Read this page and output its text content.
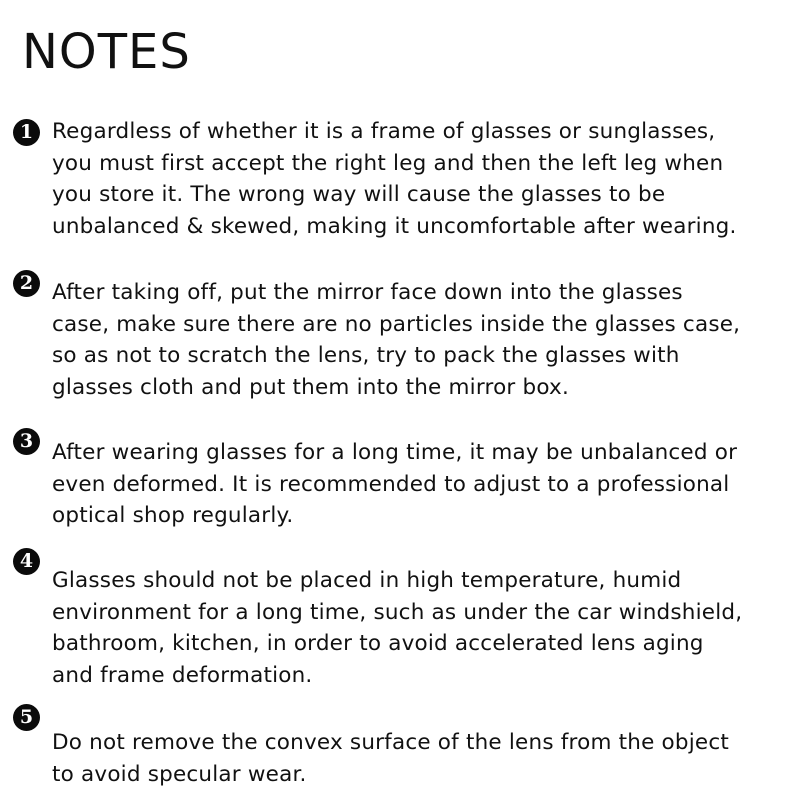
NOTES
1 Regardless of whether it is a frame of glasses or sunglasses,
you must first accept the right leg and then the left leg when
you store it. The wrong way will cause the glasses to be
unbalanced & skewed, making it uncomfortable after wearing.

2 After taking off, put the mirror face down into the glasses
case, make sure there are no particles inside the glasses case,
so as not to scratch the lens, try to pack the glasses with
glasses cloth and put them into the mirror box.

3 After wearing glasses for a long time, it may be unbalanced or
even deformed. It is recommended to adjust to a professional
optical shop regularly.

4

Glasses should not be placed in high temperature, humid
environment for a long time, such as under the car windshield,
bathroom, kitchen, in order to avoid accelerated lens aging
and frame deformation.

5

Do not remove the convex surface of the lens from the object
to avoid specular wear.
